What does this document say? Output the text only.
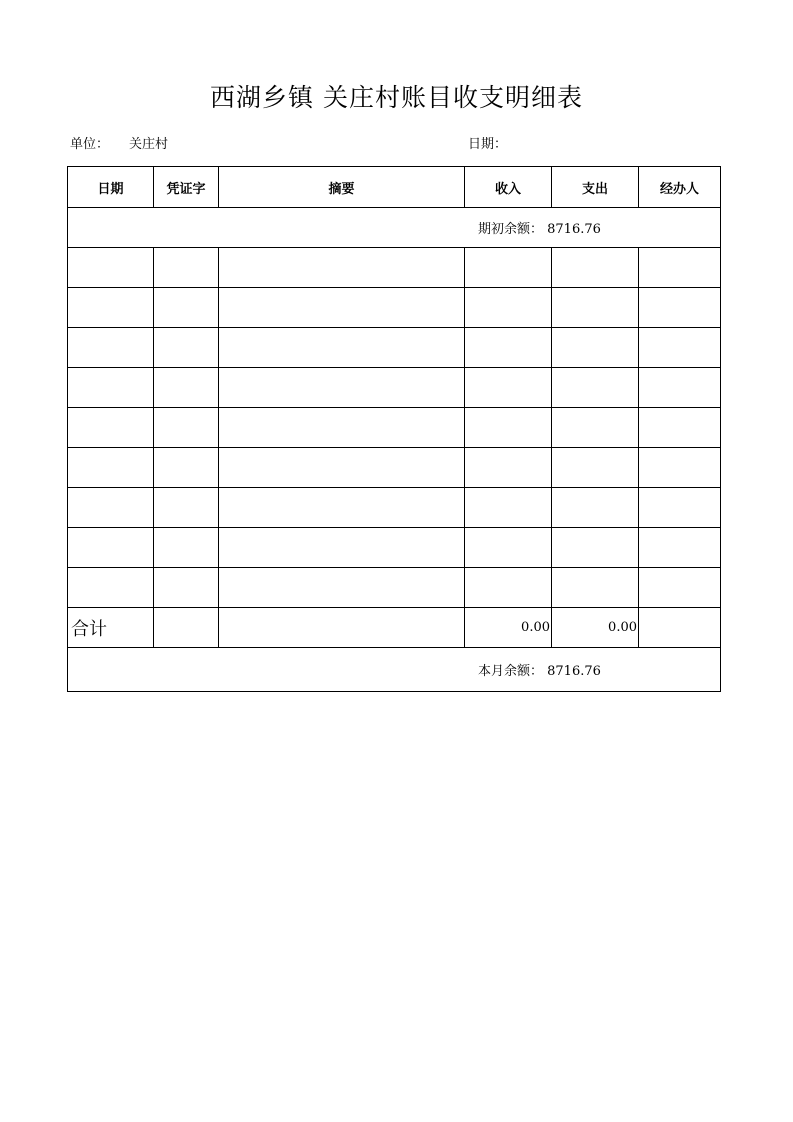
西湖乡镇 关庄村账目收支明细表
单位： 关庄村	日期：
日期	凭证字	摘要	收入	支出	经办人
期初余额： 8716.76					

合计			0.00	0.00	
本月余额： 8716.76					
